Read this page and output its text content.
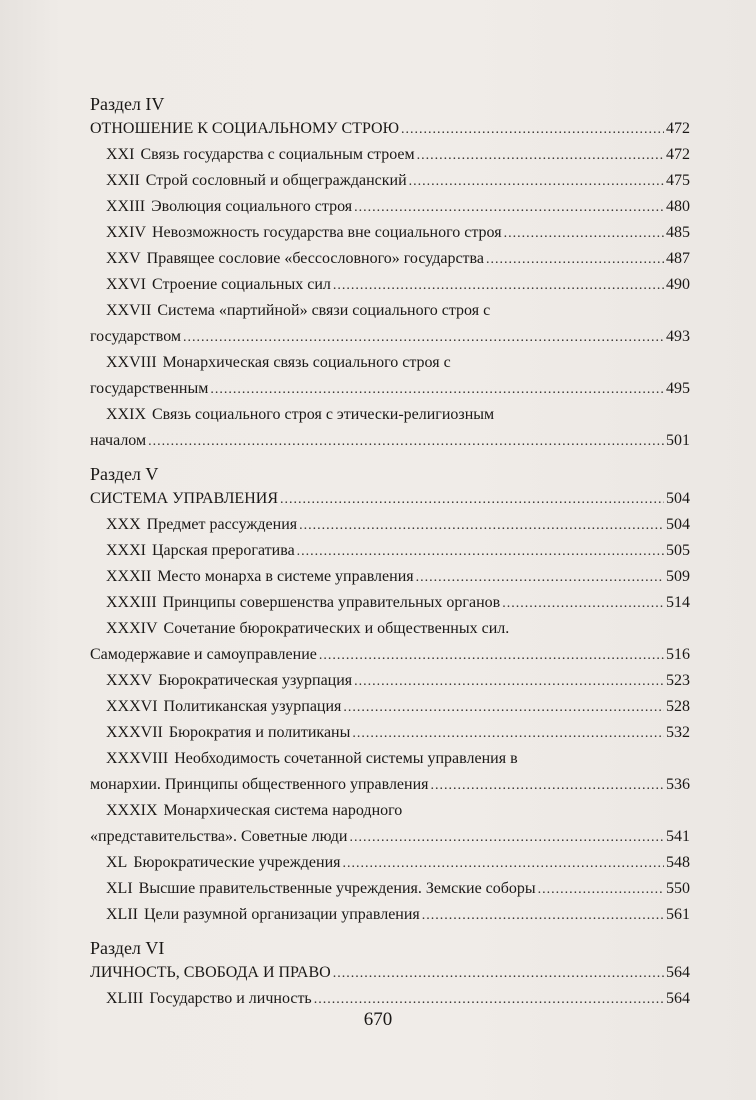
Раздел IV
ОТНОШЕНИЕ К СОЦИАЛЬНОМУ СТРОЮ .....	472
XXI Связь государства с социальным строем .....	472
XXII Строй сословный и общегражданский .....	475
XXIII Эволюция социального строя .....	480
XXIV Невозможность государства вне социального строя .....	485
XXV Правящее сословие «бессословного» государства .....	487
XXVI Строение социальных сил .....	490
XXVII Система «партийной» связи социального строя с
государством .....	493
XXVIII Монархическая связь социального строя с
государственным .....	495
XXIX Связь социального строя с этически-религиозным
началом .....	501
Раздел V
СИСТЕМА УПРАВЛЕНИЯ .....	504
XXX Предмет рассуждения .....	504
XXXI Царская прерогатива .....	505
XXXII Место монарха в системе управления .....	509
XXXIII Принципы совершенства управительных органов .....	514
XXXIV Сочетание бюрократических и общественных сил.
Самодержавие и самоуправление .....	516
XXXV Бюрократическая узурпация .....	523
XXXVI Политиканская узурпация .....	528
XXXVII Бюрократия и политиканы .....	532
XXXVIII Необходимость сочетанной системы управления в
монархии. Принципы общественного управления .....	536
XXXIX Монархическая система народного
«представительства». Советные люди .....	541
XL Бюрократические учреждения .....	548
XLI Высшие правительственные учреждения. Земские соборы .....	550
XLII Цели разумной организации управления .....	561
Раздел VI
ЛИЧНОСТЬ, СВОБОДА И ПРАВО .....	564
XLIII Государство и личность .....	564
670
